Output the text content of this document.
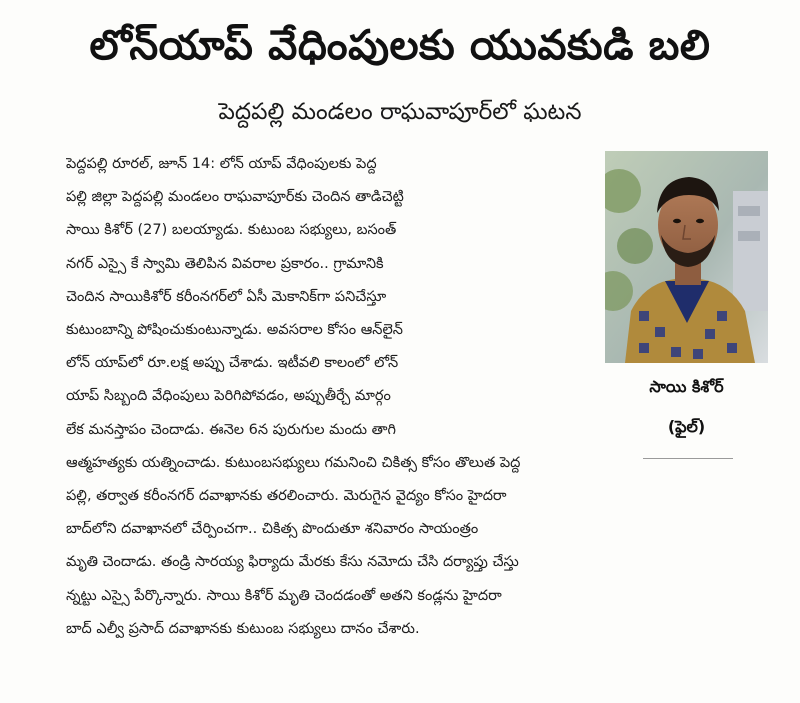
లోన్‌యాప్‌ వేధింపులకు యువకుడి బలి
పెద్దపల్లి మండలం రాఘవాపూర్‌లో ఘటన
సాయి కిశోర్‌
(ఫైల్‌)
పెద్దపల్లి రూరల్‌, జూన్‌ 14: లోన్‌ యాప్‌ వేధింపులకు పెద్ద
పల్లి జిల్లా పెద్దపల్లి మండలం రాఘవాపూర్‌కు చెందిన తాడిచెట్టి
సాయి కిశోర్‌ (27) బలయ్యాడు. కుటుంబ సభ్యులు, బసంత్‌
నగర్‌ ఎస్సై కే స్వామి తెలిపిన వివరాల ప్రకారం.. గ్రామానికి
చెందిన సాయికిశోర్‌ కరీంనగర్‌లో ఏసీ మెకానిక్‌గా పనిచేస్తూ
కుటుంబాన్ని పోషించుకుంటున్నాడు. అవసరాల కోసం ఆన్‌లైన్‌
లోన్‌ యాప్‌లో రూ.లక్ష అప్పు చేశాడు. ఇటీవలి కాలంలో లోన్‌
యాప్‌ సిబ్బంది వేధింపులు పెరిగిపోవడం, అప్పుతీర్చే మార్గం
లేక మనస్తాపం చెందాడు. ఈనెల 6న పురుగుల మందు తాగి
ఆత్మహత్యకు యత్నించాడు. కుటుంబసభ్యులు గమనించి చికిత్స కోసం తొలుత పెద్ద
పల్లి, తర్వాత కరీంనగర్‌ దవాఖానకు తరలించారు. మెరుగైన వైద్యం కోసం హైదరా
బాద్‌లోని దవాఖానలో చేర్పించగా.. చికిత్స పొందుతూ శనివారం సాయంత్రం
మృతి చెందాడు. తండ్రి సారయ్య ఫిర్యాదు మేరకు కేసు నమోదు చేసి దర్యాప్తు చేస్తు
న్నట్టు ఎస్సై పేర్కొన్నారు. సాయి కిశోర్‌ మృతి చెందడంతో అతని కండ్లను హైదరా
బాద్‌ ఎల్వీ ప్రసాద్‌ దవాఖానకు కుటుంబ సభ్యులు దానం చేశారు.
